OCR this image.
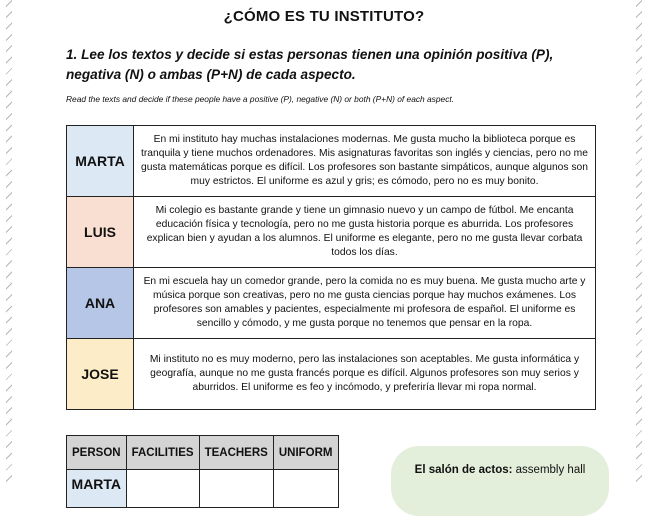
¿CÓMO ES TU INSTITUTO?
1. Lee los textos y decide si estas personas tienen una opinión positiva (P), negativa (N) o ambas (P+N) de cada aspecto.
Read the texts and decide if these people have a positive (P), negative (N) or both (P+N) of each aspect.
MARTA	En mi instituto hay muchas instalaciones modernas. Me gusta mucho la biblioteca porque es tranquila y tiene muchos ordenadores. Mis asignaturas favoritas son inglés y ciencias, pero no me gusta matemáticas porque es difícil. Los profesores son bastante simpáticos, aunque algunos son muy estrictos. El uniforme es azul y gris; es cómodo, pero no es muy bonito.
LUIS	Mi colegio es bastante grande y tiene un gimnasio nuevo y un campo de fútbol. Me encanta educación física y tecnología, pero no me gusta historia porque es aburrida. Los profesores explican bien y ayudan a los alumnos. El uniforme es elegante, pero no me gusta llevar corbata todos los días.
ANA	En mi escuela hay un comedor grande, pero la comida no es muy buena. Me gusta mucho arte y música porque son creativas, pero no me gusta ciencias porque hay muchos exámenes. Los profesores son amables y pacientes, especialmente mi profesora de español. El uniforme es sencillo y cómodo, y me gusta porque no tenemos que pensar en la ropa.
JOSE	Mi instituto no es muy moderno, pero las instalaciones son aceptables. Me gusta informática y geografía, aunque no me gusta francés porque es difícil. Algunos profesores son muy serios y aburridos. El uniforme es feo y incómodo, y preferiría llevar mi ropa normal.
PERSON	FACILITIES	TEACHERS	UNIFORM
MARTA			
El salón de actos: assembly hall
